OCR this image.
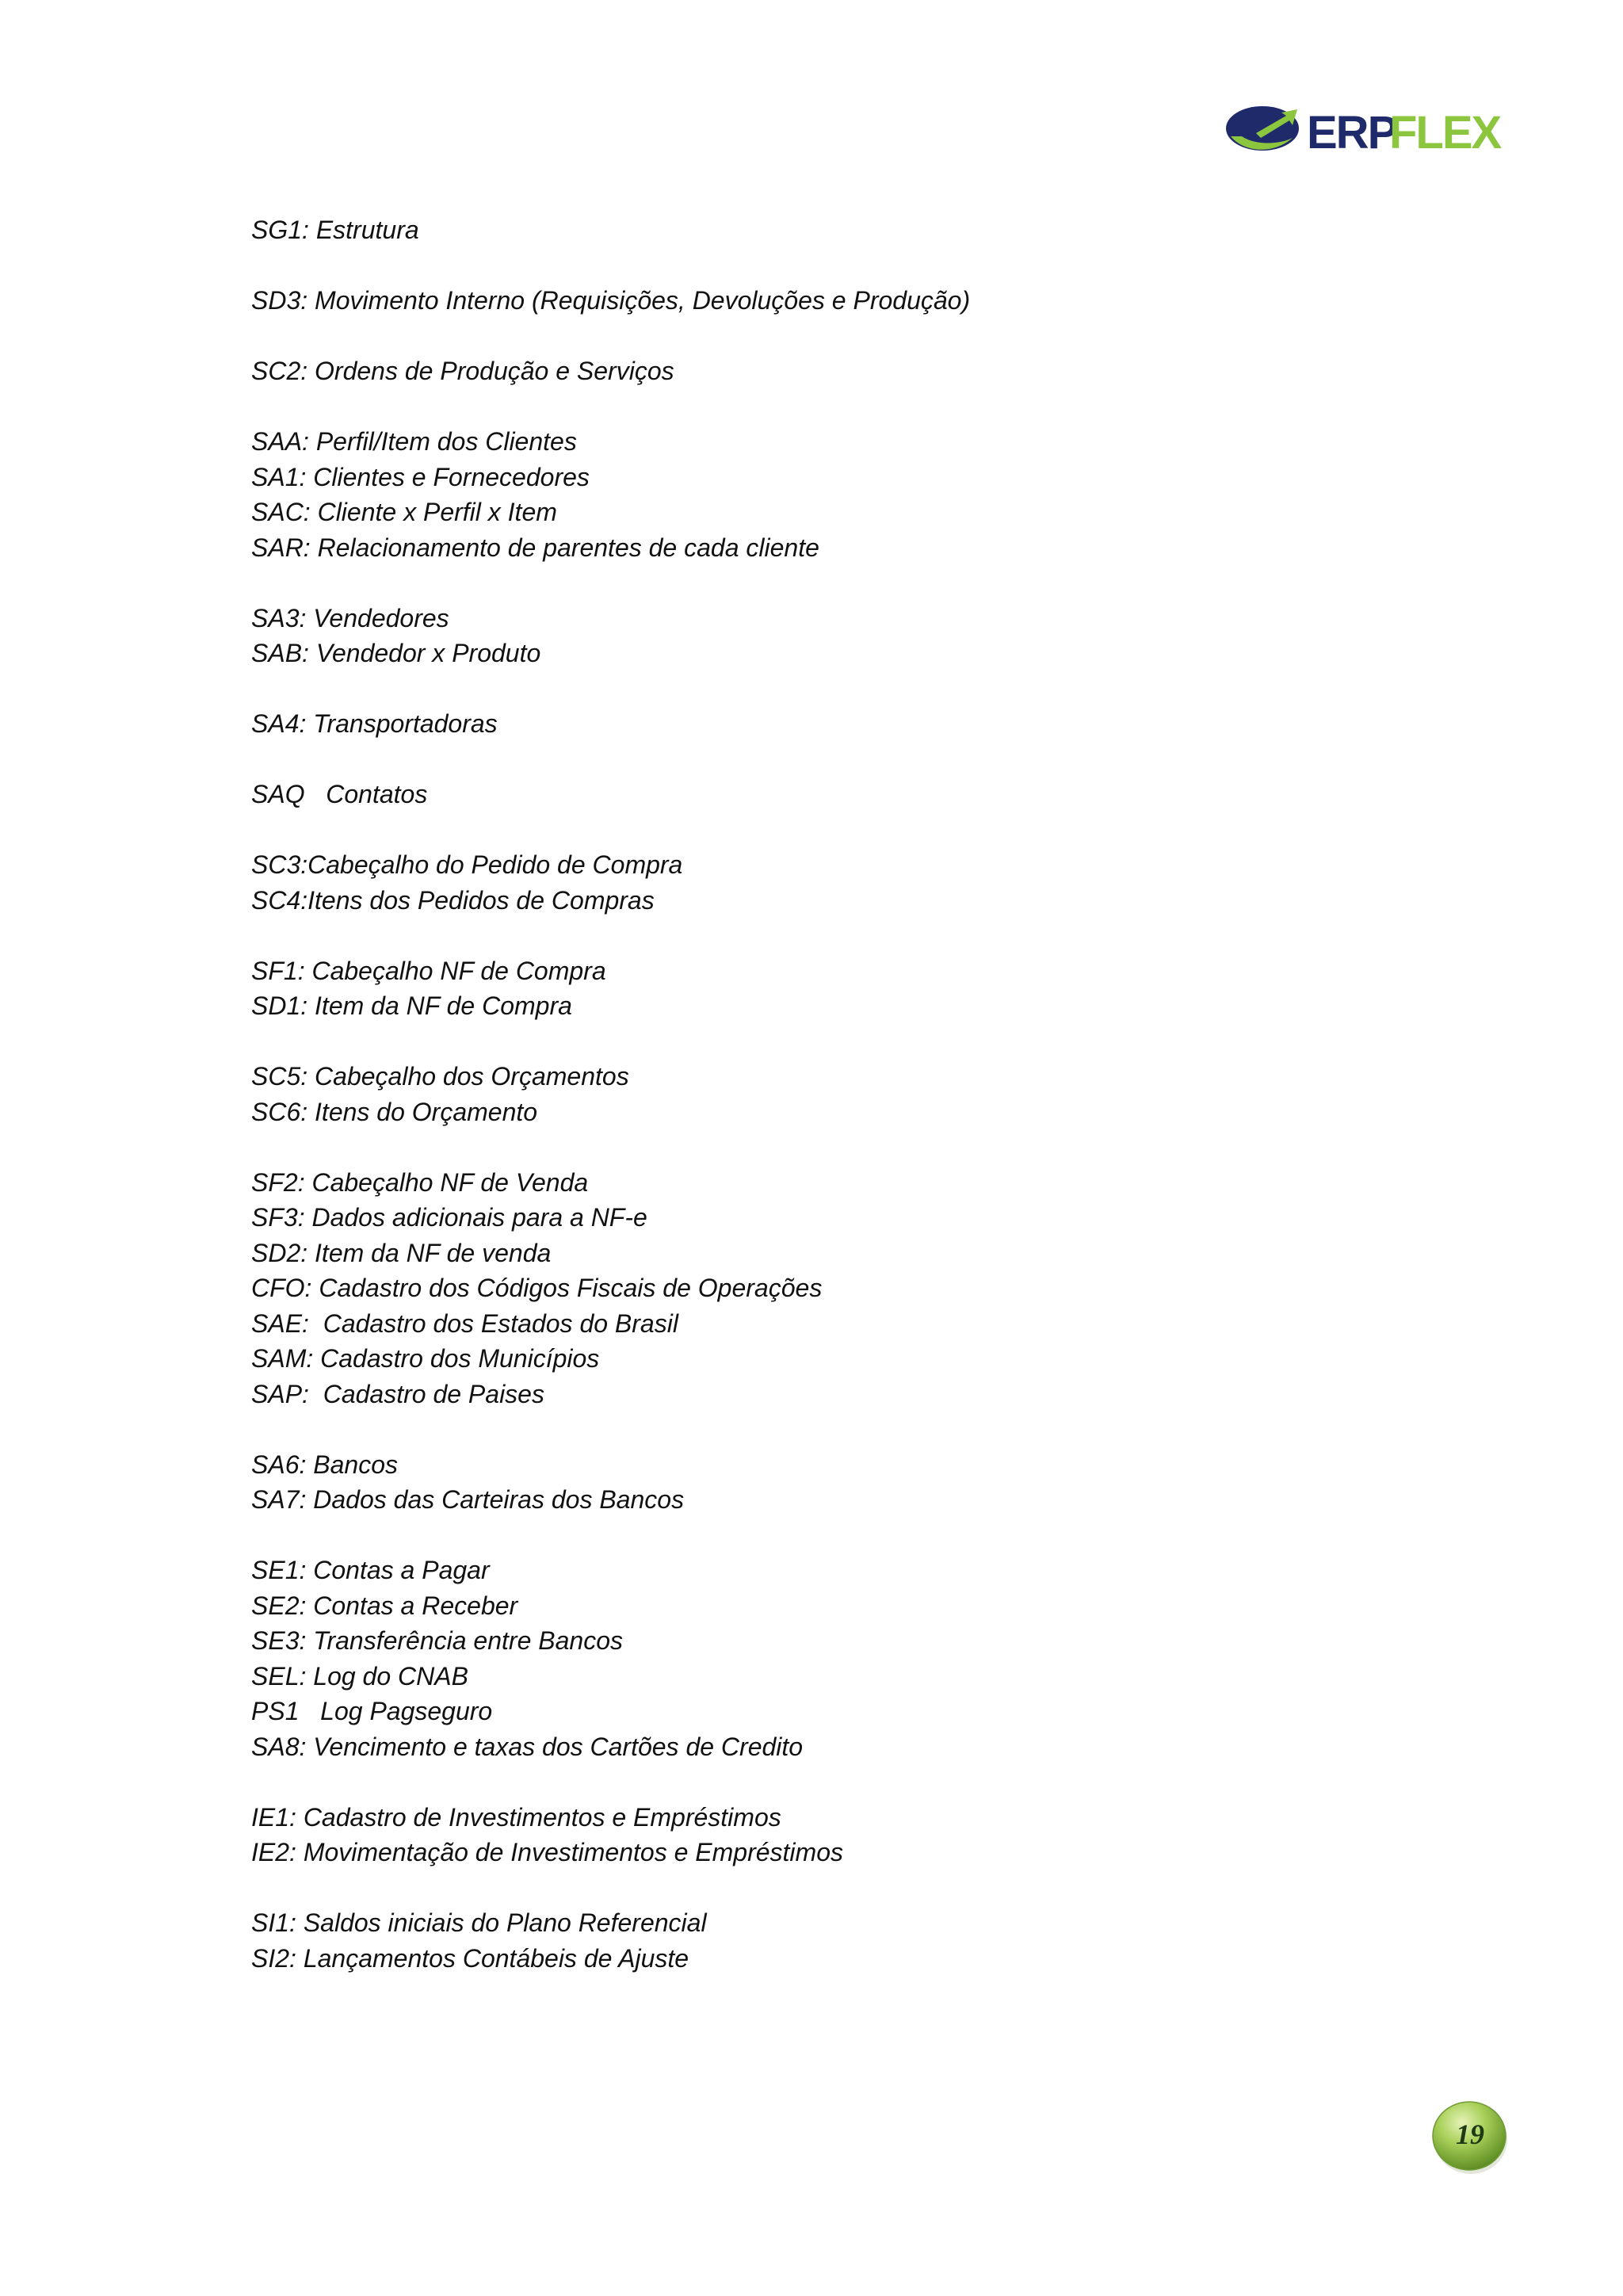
ERP
FLEX
SG1: Estrutura
SD3: Movimento Interno (Requisições, Devoluções e Produção)
SC2: Ordens de Produção e Serviços
SAA: Perfil/Item dos Clientes
SA1: Clientes e Fornecedores
SAC: Cliente x Perfil x Item
SAR: Relacionamento de parentes de cada cliente
SA3: Vendedores
SAB: Vendedor x Produto
SA4: Transportadoras
SAQ   Contatos
SC3:Cabeçalho do Pedido de Compra
SC4:Itens dos Pedidos de Compras
SF1: Cabeçalho NF de Compra
SD1: Item da NF de Compra
SC5: Cabeçalho dos Orçamentos
SC6: Itens do Orçamento
SF2: Cabeçalho NF de Venda
SF3: Dados adicionais para a NF-e
SD2: Item da NF de venda
CFO: Cadastro dos Códigos Fiscais de Operações
SAE:  Cadastro dos Estados do Brasil
SAM: Cadastro dos Municípios
SAP:  Cadastro de Paises
SA6: Bancos
SA7: Dados das Carteiras dos Bancos
SE1: Contas a Pagar
SE2: Contas a Receber
SE3: Transferência entre Bancos
SEL: Log do CNAB
PS1   Log Pagseguro
SA8: Vencimento e taxas dos Cartões de Credito
IE1: Cadastro de Investimentos e Empréstimos
IE2: Movimentação de Investimentos e Empréstimos
SI1: Saldos iniciais do Plano Referencial
SI2: Lançamentos Contábeis de Ajuste
19
